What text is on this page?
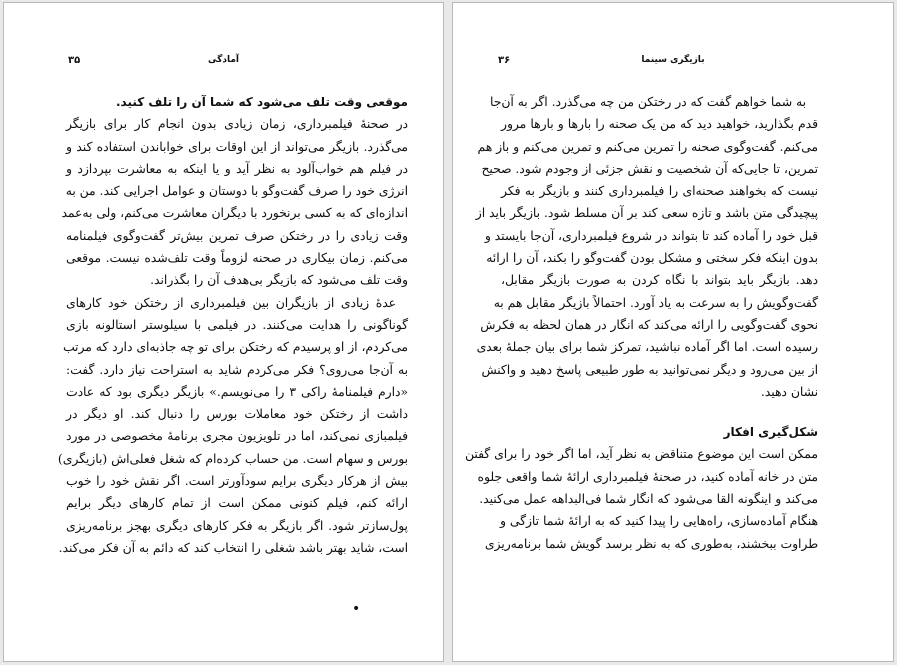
آمادگی
۳۵
موقعی وقت تلف می‌شود که شما آن را تلف کنید.
در صحنهٔ فیلمبرداری، زمان زیادی بدون انجام کار برای بازیگر
می‌گذرد. بازیگر می‌تواند از این اوقات برای خواباندن استفاده کند و
در فیلم هم خواب‌آلود به نظر آید و یا اینکه به معاشرت بپردازد و
انرژی خود را صرف گفت‌وگو با دوستان و عوامل اجرایی کند. من به
اندازه‌ای که به کسی برنخورد با دیگران معاشرت می‌کنم، ولی به‌عمد
وقت زیادی را در رختکن صرف تمرین بیش‌تر گفت‌وگوی فیلمنامه
می‌کنم. زمان بیکاری در صحنه لزوماً وقت تلف‌شده نیست. موقعی
وقت تلف می‌شود که بازیگر بی‌هدف آن را بگذراند.
عدهٔ زیادی از بازیگران بین فیلمبرداری از رختکن خود کارهای
گوناگونی را هدایت می‌کنند. در فیلمی با سیلوستر استالونه بازی
می‌کردم، از او پرسیدم که رختکن برای تو چه جاذبه‌ای دارد که مرتب
به آن‌جا می‌روی؟ فکر می‌کردم شاید به استراحت نیاز دارد. گفت:
«دارم فیلمنامهٔ راکی ۳ را می‌نویسم.» بازیگر دیگری بود که عادت
داشت از رختکن خود معاملات بورس را دنبال کند. او دیگر در
فیلمبازی نمی‌کند، اما در تلویزیون مجری برنامهٔ مخصوصی در مورد
بورس و سهام است. من حساب کرده‌ام که شغل فعلی‌اش (بازیگری)
بیش از هرکار دیگری برایم سودآورتر است. اگر نقش خود را خوب
ارائه کنم، فیلم کنونی ممکن است از تمام کارهای دیگر برایم
پول‌سازتر شود. اگر بازیگر به فکر کارهای دیگری بهجز برنامه‌ریزی
است، شاید بهتر باشد شغلی را انتخاب کند که دائم به آن فکر می‌کند.
•
بازیگری سینما
۳۶
به شما خواهم گفت که در رختکن من چه می‌گذرد. اگر به آن‌جا
قدم بگذارید، خواهید دید که من یک صحنه را بارها و بارها مرور
می‌کنم. گفت‌وگوی صحنه را تمرین می‌کنم و تمرین می‌کنم و باز هم
تمرین، تا جایی‌که آن شخصیت و نقش جزئی از وجودم شود. صحیح
نیست که بخواهند صحنه‌ای را فیلمبرداری کنند و بازیگر به فکر
پیچیدگی متن باشد و تازه سعی کند بر آن مسلط شود. بازیگر باید از
قبل خود را آماده کند تا بتواند در شروع فیلمبرداری، آن‌جا بایستد و
بدون اینکه فکر سختی و مشکل بودن گفت‌وگو را بکند، آن را ارائه
دهد. بازیگر باید بتواند با نگاه کردن به صورت بازیگر مقابل،
گفت‌وگویش را به سرعت به یاد آورد. احتمالاً بازیگر مقابل هم به
نحوی گفت‌وگویی را ارائه می‌کند که انگار در همان لحظه به فکرش
رسیده است. اما اگر آماده نباشید، تمرکز شما برای بیان جملهٔ بعدی
از بین می‌رود و دیگر نمی‌توانید به طور طبیعی پاسخ دهید و واکنش
نشان دهید.
شکل‌گیری افکار
ممکن است این موضوع متناقض به نظر آید، اما اگر خود را برای گفتن
متن در خانه آماده کنید، در صحنهٔ فیلمبرداری ارائهٔ شما واقعی جلوه
می‌کند و اینگونه القا می‌شود که انگار شما فی‌البداهه عمل می‌کنید.
هنگام آماده‌سازی، راه‌هایی را پیدا کنید که به ارائهٔ شما تازگی و
طراوت ببخشند، به‌طوری که به نظر برسد گویش شما برنامه‌ریزی
